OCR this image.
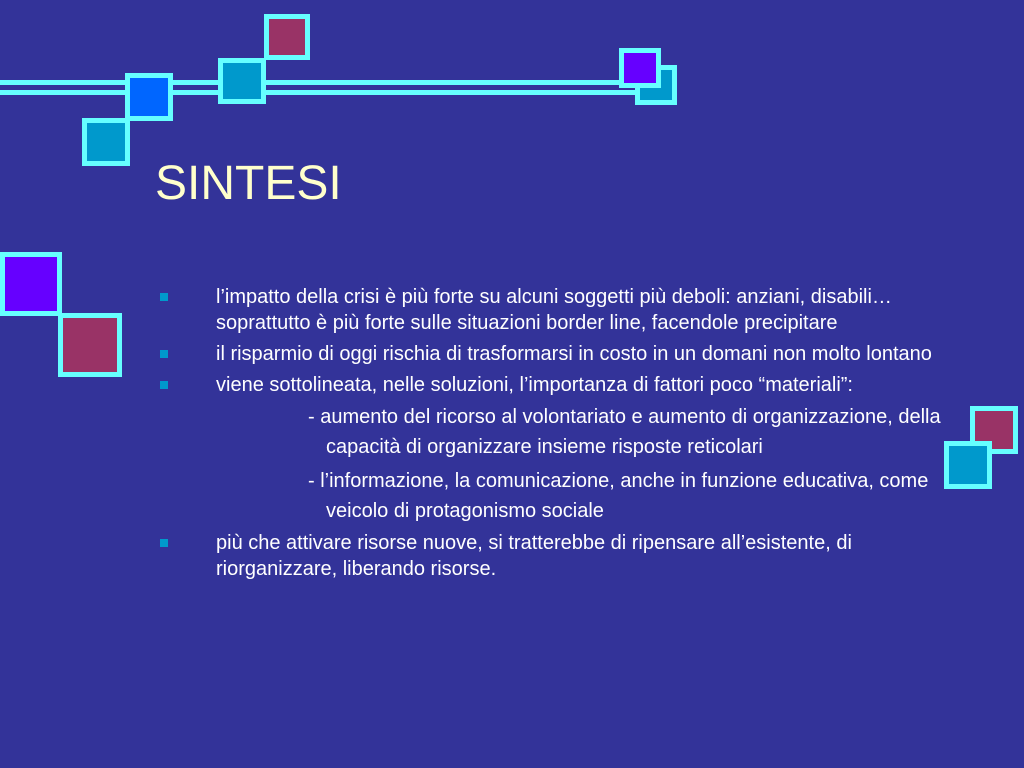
SINTESI
l’impatto della crisi è più forte su alcuni soggetti più deboli: anziani, disabili…soprattutto è più forte sulle situazioni border line, facendole precipitare
il risparmio di oggi rischia di trasformarsi in costo in un domani non molto lontano
viene sottolineata, nelle soluzioni, l’importanza di fattori poco “materiali”:
- aumento del ricorso al volontariato e aumento di organizzazione, della capacità di organizzare insieme risposte reticolari
- l’informazione, la comunicazione, anche in funzione educativa, come veicolo di protagonismo sociale
più che attivare risorse nuove, si tratterebbe di ripensare all’esistente, di riorganizzare, liberando risorse.
